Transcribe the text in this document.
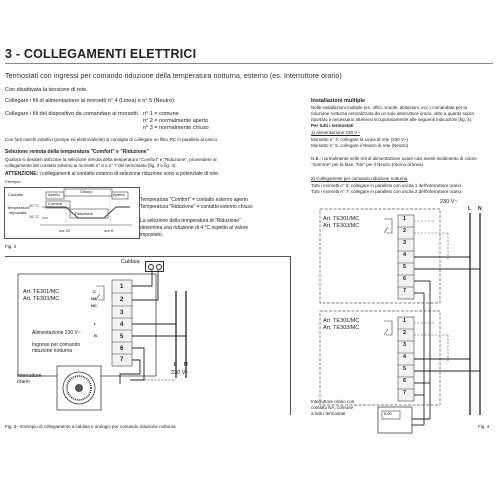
3 - COLLEGAMENTI ELETTRICI
Termostati con ingressi per comando riduzione della temperatura notturna, esterno (es. Interruttore orario)
Con disattivata la tensione di rete.
Collegare i fili di alimentazione ai morsetti n° 4 (Linea) e n° 5 (Neutro).
Collegare i fili del dispositivo da comandare ai morsetti n° 1 = comune
n° 2 = normalmente aperto
n° 3 = normalmente chiuso
Con forti carichi induttivi (pompe ed elettrovalvole) si consiglia di collegare un filtro RC in parallelo al carico.
Selezione remota della temperatura "Comfort" e "Riduzione"
Qualora si desideri utilizzare la selezione remota della temperatura "Comfort" e "Riduzione", provvedere al
collegamento del contatto esterno ai morsetti n° 6 e n° 7 del termostato (fig. 3 e fig. 4).
ATTENZIONE: i collegamenti al contatto esterno di selezione riduzione sono a potenziale di rete.
Esempio
Contatto	Aperto
Chiuso
Aperto
Comfort
Riduzione
Temperatura
impostata
20 °C
16 °C
ore 22	ore 6
Fig. 2
Temperatura "Comfort" = contatto esterno aperto
Temperatura "Riduzione" = contatto esterno chiuso
La selezione della temperatura di "Riduzione"
determina una riduzione di 4 °C rispetto al valore
impostato.
Caldaia
Art. TE301/MC
Art. TE303/MC
C
NA
NC
L
N
1
2
3
4
5
6
7
Alimentazione 230 V~
Ingressi per comando
riduzione notturna
Interruttore
orario
L N
230 V~
Fig. 3 - Esempio di collegamento a caldaia e orologio per comando riduzione notturna
Installazioni multiple
Nelle installazioni multiple (es. uffici, scuole, abitazioni, ecc.) comandate per la
riduzione notturna centralizzata da un solo interruttore orario, oltre a quanto sopra
riportato è necessario attenersi scrupolosamente alle seguenti indicazioni (fig. 4).
Per tutti i termostati
1) Alimentazione 230 V~
Morsetto n° 4: collegare la Linea di rete (230 V~)
Morsetto n° 5: collegare il Neutro di rete (Neutro)
N.B.: normalmente nelle reti di alimentazione usare cavi aventi isolamento di colore
"marrone" per la fase, "blu" per il Neutro (ritorno di linea).
2) Collegamenti per comando riduzione notturna
Tutti i morsetti n° 6: collegare in parallelo con uscita 1 dell'interruttore orario.
Tutti i morsetti n° 7: collegare in parallelo con uscita 2 dell'interruttore orario.
230 V~
L N
Art. TE301/MC
Art. TE303/MC
Art. TE301/MC
Art. TE303/MC
1
2
3
4
5
6
7
1
2
3
4
5
6
7
Interruttore orario con
contatto NA, comune
a tutti i termostati	8:00
Fig. 4
